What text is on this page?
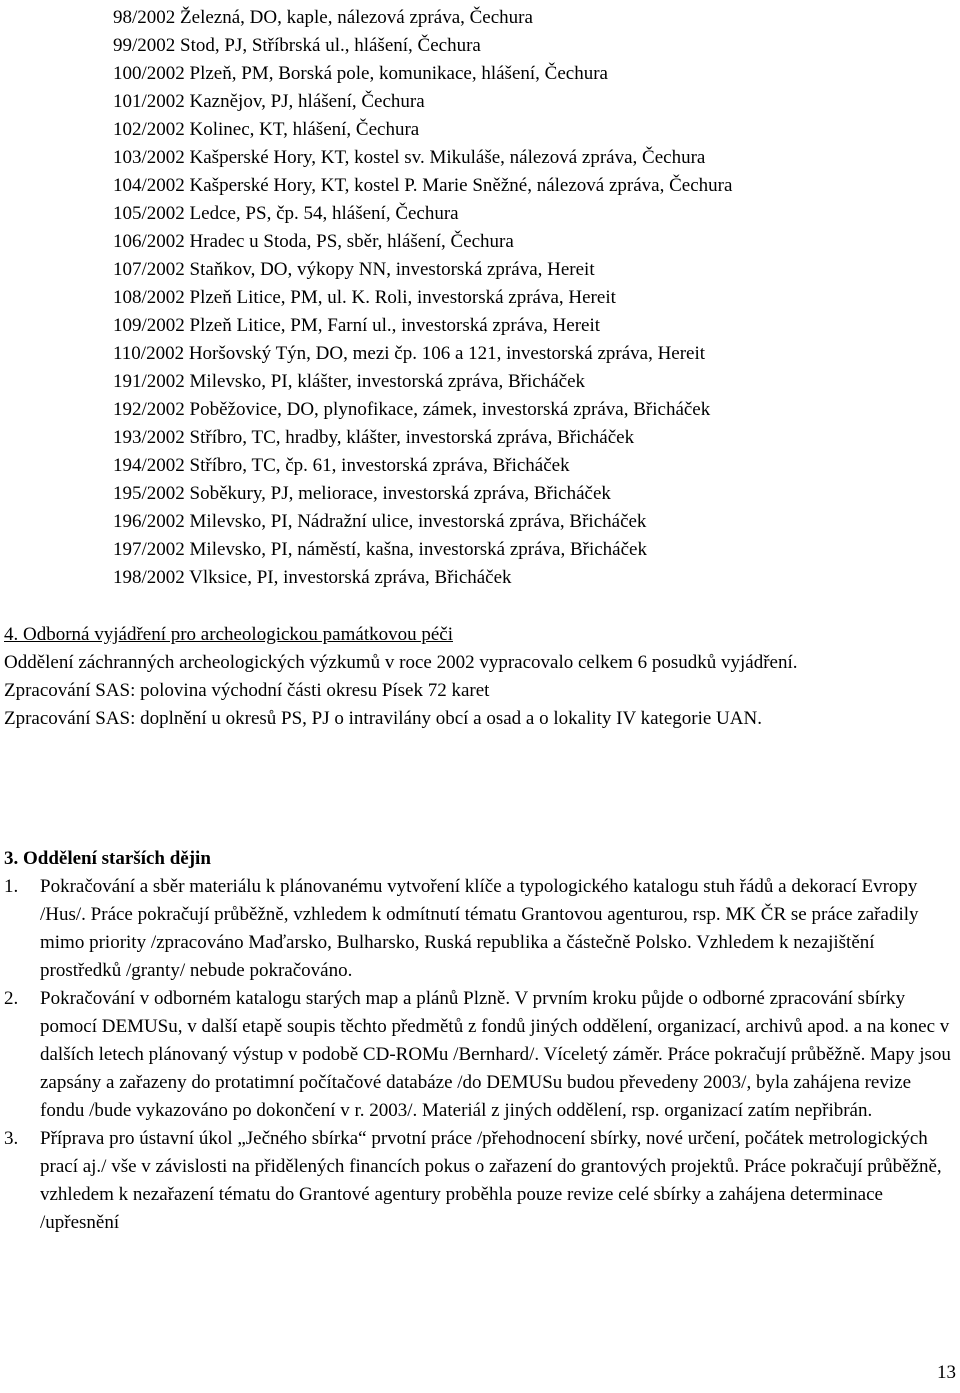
98/2002 Železná, DO, kaple, nálezová zpráva, Čechura
99/2002 Stod, PJ, Stříbrská ul., hlášení, Čechura
100/2002 Plzeň, PM, Borská pole, komunikace, hlášení, Čechura
101/2002 Kaznějov, PJ, hlášení, Čechura
102/2002 Kolinec, KT, hlášení, Čechura
103/2002 Kašperské Hory, KT, kostel sv. Mikuláše, nálezová zpráva, Čechura
104/2002 Kašperské Hory, KT, kostel P. Marie Sněžné, nálezová zpráva, Čechura
105/2002 Ledce, PS, čp. 54, hlášení, Čechura
106/2002 Hradec u Stoda, PS, sběr, hlášení, Čechura
107/2002 Staňkov, DO, výkopy NN, investorská zpráva, Hereit
108/2002 Plzeň Litice, PM, ul. K. Roli, investorská zpráva, Hereit
109/2002 Plzeň Litice, PM, Farní ul., investorská zpráva, Hereit
110/2002 Horšovský Týn, DO, mezi čp. 106 a 121, investorská zpráva, Hereit
191/2002 Milevsko, PI, klášter, investorská zpráva, Břicháček
192/2002 Poběžovice, DO, plynofikace, zámek, investorská zpráva, Břicháček
193/2002 Stříbro, TC, hradby, klášter, investorská zpráva, Břicháček
194/2002 Stříbro, TC, čp. 61, investorská zpráva, Břicháček
195/2002 Soběkury, PJ, meliorace, investorská zpráva, Břicháček
196/2002 Milevsko, PI, Nádražní ulice, investorská zpráva, Břicháček
197/2002 Milevsko, PI, náměstí, kašna, investorská zpráva, Břicháček
198/2002 Vlksice, PI, investorská zpráva, Břicháček

4. Odborná vyjádření pro archeologickou památkovou péči

Oddělení záchranných archeologických výzkumů v roce 2002 vypracovalo celkem 6 posudků vyjádření.

Zpracování SAS: polovina východní části okresu Písek 72 karet

Zpracování SAS: doplnění u okresů PS, PJ o intravilány obcí a osad a o lokality IV kategorie UAN.

3. Oddělení starších dějin

1. Pokračování a sběr materiálu k plánovanému vytvoření klíče a typologického katalogu stuh řádů a dekorací Evropy /Hus/. Práce pokračují průběžně, vzhledem k odmítnutí tématu Grantovou agenturou, rsp. MK ČR se práce zařadily mimo priority /zpracováno Maďarsko, Bulharsko, Ruská republika a částečně Polsko. Vzhledem k nezajištění prostředků /granty/ nebude pokračováno.
2. Pokračování v odborném katalogu starých map a plánů Plzně. V prvním kroku půjde o odborné zpracování sbírky pomocí DEMUSu, v další etapě soupis těchto předmětů z fondů jiných oddělení, organizací, archivů apod. a na konec v dalších letech plánovaný výstup v podobě CD-ROMu /Bernhard/. Víceletý záměr. Práce pokračují průběžně. Mapy jsou zapsány a zařazeny do protatimní počítačové databáze /do DEMUSu budou převedeny 2003/, byla zahájena revize fondu /bude vykazováno po dokončení v r. 2003/. Materiál z jiných oddělení, rsp. organizací zatím nepřibrán.
3. Příprava pro ústavní úkol „Ječného sbírka“ prvotní práce /přehodnocení sbírky, nové určení, počátek metrologických prací aj./ vše v závislosti na přidělených financích pokus o zařazení do grantových projektů. Práce pokračují průběžně, vzhledem k nezařazení tématu do Grantové agentury proběhla pouze revize celé sbírky a zahájena determinace /upřesnění
13
